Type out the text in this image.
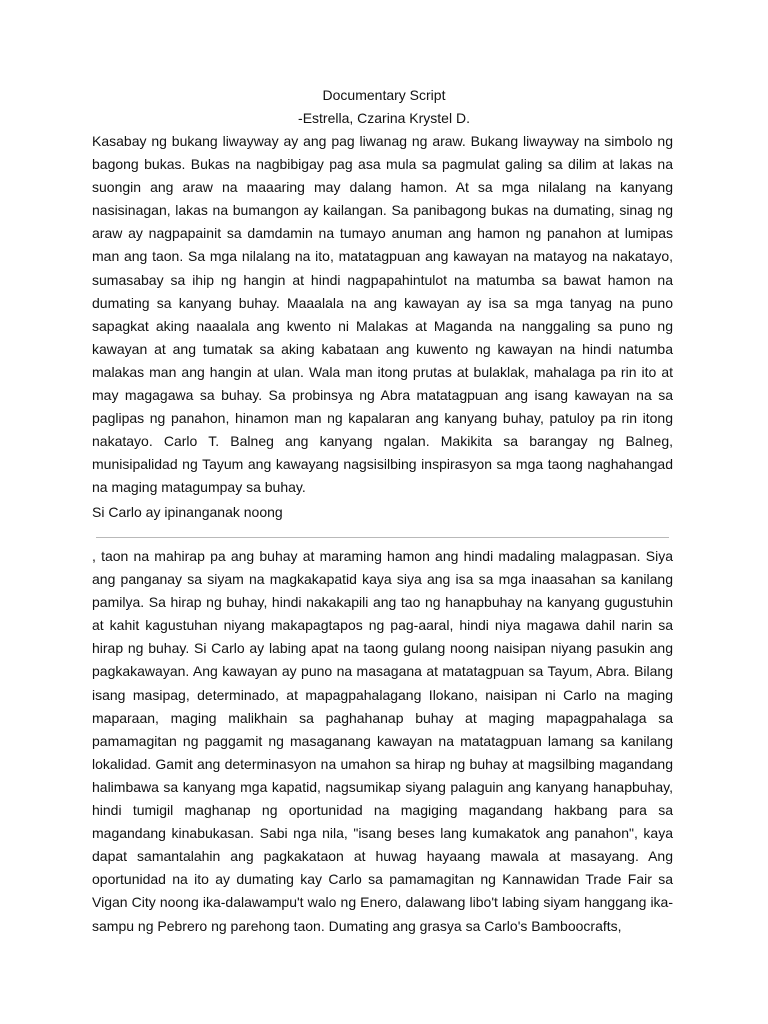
Documentary Script
-Estrella, Czarina Krystel D.

Kasabay ng bukang liwayway ay ang pag liwanag ng araw. Bukang liwayway na simbolo ng bagong bukas. Bukas na nagbibigay pag asa mula sa pagmulat galing sa dilim at lakas na suongin ang araw na maaaring may dalang hamon. At sa mga nilalang na kanyang nasisinagan, lakas na bumangon ay kailangan. Sa panibagong bukas na dumating, sinag ng araw ay nagpapainit sa damdamin na tumayo anuman ang hamon ng panahon at lumipas man ang taon. Sa mga nilalang na ito, matatagpuan ang kawayan na matayog na nakatayo, sumasabay sa ihip ng hangin at hindi nagpapahintulot na matumba sa bawat hamon na dumating sa kanyang buhay. Maaalala na ang kawayan ay isa sa mga tanyag na puno sapagkat aking naaalala ang kwento ni Malakas at Maganda na nanggaling sa puno ng kawayan at ang tumatak sa aking kabataan ang kuwento ng kawayan na hindi natumba malakas man ang hangin at ulan. Wala man itong prutas at bulaklak, mahalaga pa rin ito at may magagawa sa buhay. Sa probinsya ng Abra matatagpuan ang isang kawayan na sa paglipas ng panahon, hinamon man ng kapalaran ang kanyang buhay, patuloy pa rin itong nakatayo. Carlo T. Balneg ang kanyang ngalan. Makikita sa barangay ng Balneg, munisipalidad ng Tayum ang kawayang nagsisilbing inspirasyon sa mga taong naghahangad na maging matagumpay sa buhay.

Si Carlo ay ipinanganak noong

, taon na mahirap pa ang buhay at maraming hamon ang hindi madaling malagpasan. Siya ang panganay sa siyam na magkakapatid kaya siya ang isa sa mga inaasahan sa kanilang pamilya. Sa hirap ng buhay, hindi nakakapili ang tao ng hanapbuhay na kanyang gugustuhin at kahit kagustuhan niyang makapagtapos ng pag-aaral, hindi niya magawa dahil narin sa hirap ng buhay. Si Carlo ay labing apat na taong gulang noong naisipan niyang pasukin ang pagkakawayan. Ang kawayan ay puno na masagana at matatagpuan sa Tayum, Abra. Bilang isang masipag, determinado, at mapagpahalagang Ilokano, naisipan ni Carlo na maging maparaan, maging malikhain sa paghahanap buhay at maging mapagpahalaga sa pamamagitan ng paggamit ng masaganang kawayan na matatagpuan lamang sa kanilang lokalidad. Gamit ang determinasyon na umahon sa hirap ng buhay at magsilbing magandang halimbawa sa kanyang mga kapatid, nagsumikap siyang palaguin ang kanyang hanapbuhay, hindi tumigil maghanap ng oportunidad na magiging magandang hakbang para sa magandang kinabukasan. Sabi nga nila, "isang beses lang kumakatok ang panahon", kaya dapat samantalahin ang pagkakataon at huwag hayaang mawala at masayang. Ang oportunidad na ito ay dumating kay Carlo sa pamamagitan ng Kannawidan Trade Fair sa Vigan City noong ika-dalawampu't walo ng Enero, dalawang libo't labing siyam hanggang ika-sampu ng Pebrero ng parehong taon. Dumating ang grasya sa Carlo's Bamboocrafts,
